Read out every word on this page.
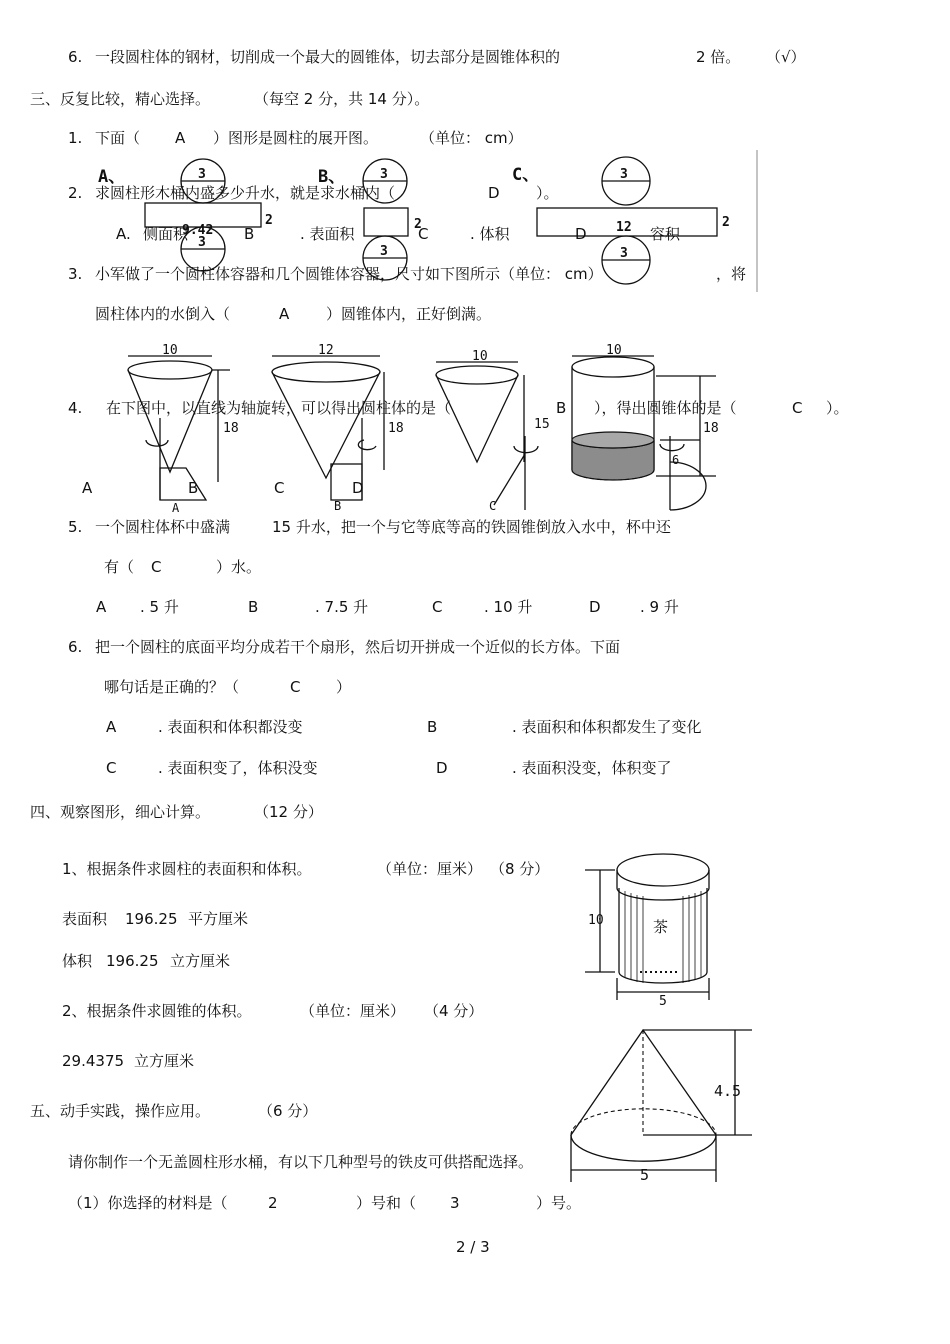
6. 一段圆柱体的钢材，切削成一个最大的圆锥体，切去部分是圆锥体积的	2 倍。 （√）
三、反复比较，精心选择。	（每空 2 分，共 14 分）。
1. 下面（ A ）图形是圆柱的展开图。	（单位： cm）
A、	3
9.42
2
3
B、	3
2
3
C、	3
12	2
3
2. 求圆柱形木桶内盛多少升水，就是求水桶内（	D ）。
A. 侧面积	B	. 表面积	C	. 体积	D	容积
3. 小军做了一个圆柱体容器和几个圆锥体容器，尺寸如下图所示（单位： cm）	，将
圆柱体内的水倒入（	A ）圆锥体内，正好倒满。
10
18
12
18
10
15
10
18
6
A	B	C
4. 在下图中，以直线为轴旋转，可以得出圆柱体的是（	B ），得出圆锥体的是（	C ）。
A	B	C	D
5. 一个圆柱体杯中盛满	15 升水，把一个与它等底等高的铁圆锥倒放入水中，杯中还
有（ C	）水。
A . 5 升	B	. 7.5 升	C	. 10 升	D	. 9 升
6. 把一个圆柱的底面平均分成若干个扇形，然后切开拼成一个近似的长方体。下面
哪句话是正确的？（	C ）
A	. 表面积和体积都没变	B	. 表面积和体积都发生了变化
C	. 表面积变了，体积没变	D	. 表面积没变，体积变了
四、观察图形，细心计算。	（12 分）
1、根据条件求圆柱的表面积和体积。	（单位：厘米） （8 分）
表面积 196.25 平方厘米
体积 196.25 立方厘米
2、根据条件求圆锥的体积。	（单位：厘米） （4 分）
29.4375 立方厘米
10	茶
5
4.5
5
五、动手实践，操作应用。	（6 分）
请你制作一个无盖圆柱形水桶，有以下几种型号的铁皮可供搭配选择。
（1）你选择的材料是（	2	）号和（ 3	）号。
2 / 3
